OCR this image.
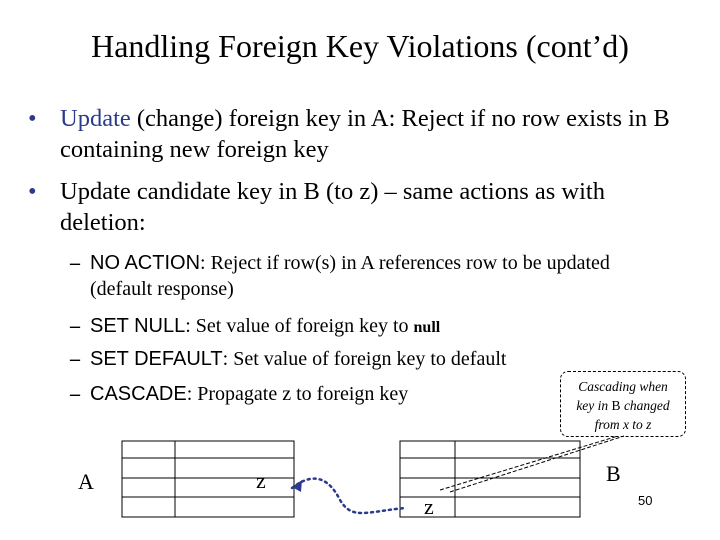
Handling Foreign Key Violations (cont’d)
• Update (change) foreign key in A: Reject if no row exists in B containing new foreign key
• Update candidate key in B (to z) – same actions as with deletion:
– NO ACTION: Reject if row(s) in A references row to be updated (default response)
– SET NULL: Set value of foreign key to null
– SET DEFAULT: Set value of foreign key to default
– CASCADE: Propagate z to foreign key	Cascading when
key in B changed
from x to z
A	z	B
z	50
